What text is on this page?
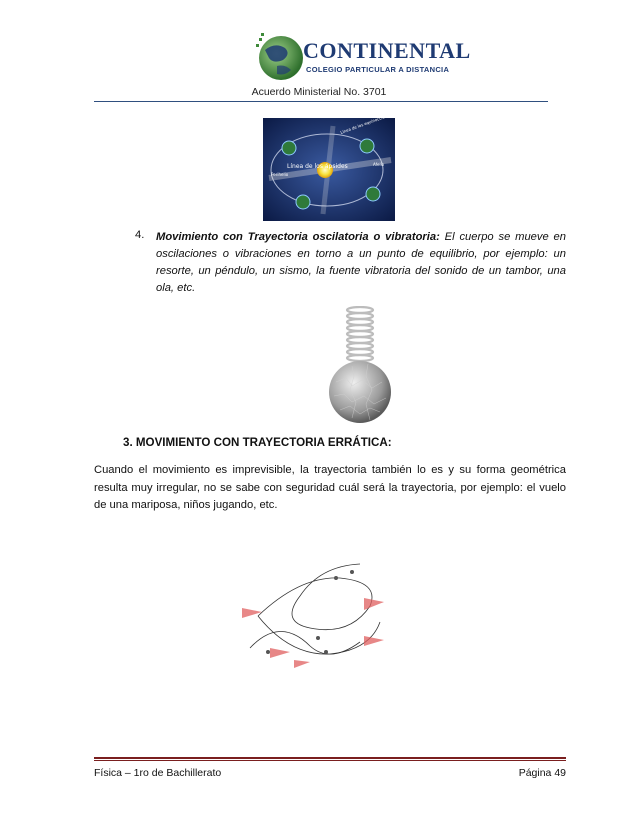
CONTINENTAL
COLEGIO PARTICULAR A DISTANCIA
Acuerdo Ministerial No. 3701
Línea de los ápsides
Línea de los equinoccios
Perihelio
Afelio
4. Movimiento con Trayectoria oscilatoria o vibratoria: El cuerpo se mueve en oscilaciones o vibraciones en torno a un punto de equilibrio, por ejemplo: un resorte, un péndulo, un sismo, la fuente vibratoria del sonido de un tambor, una ola, etc.
3. MOVIMIENTO CON TRAYECTORIA ERRÁTICA:
Cuando el movimiento es imprevisible, la trayectoria también lo es y su forma geométrica resulta muy irregular, no se sabe con seguridad cuál será la trayectoria, por ejemplo: el vuelo de una mariposa, niños jugando, etc.
Física – 1ro de Bachillerato	Página 49
